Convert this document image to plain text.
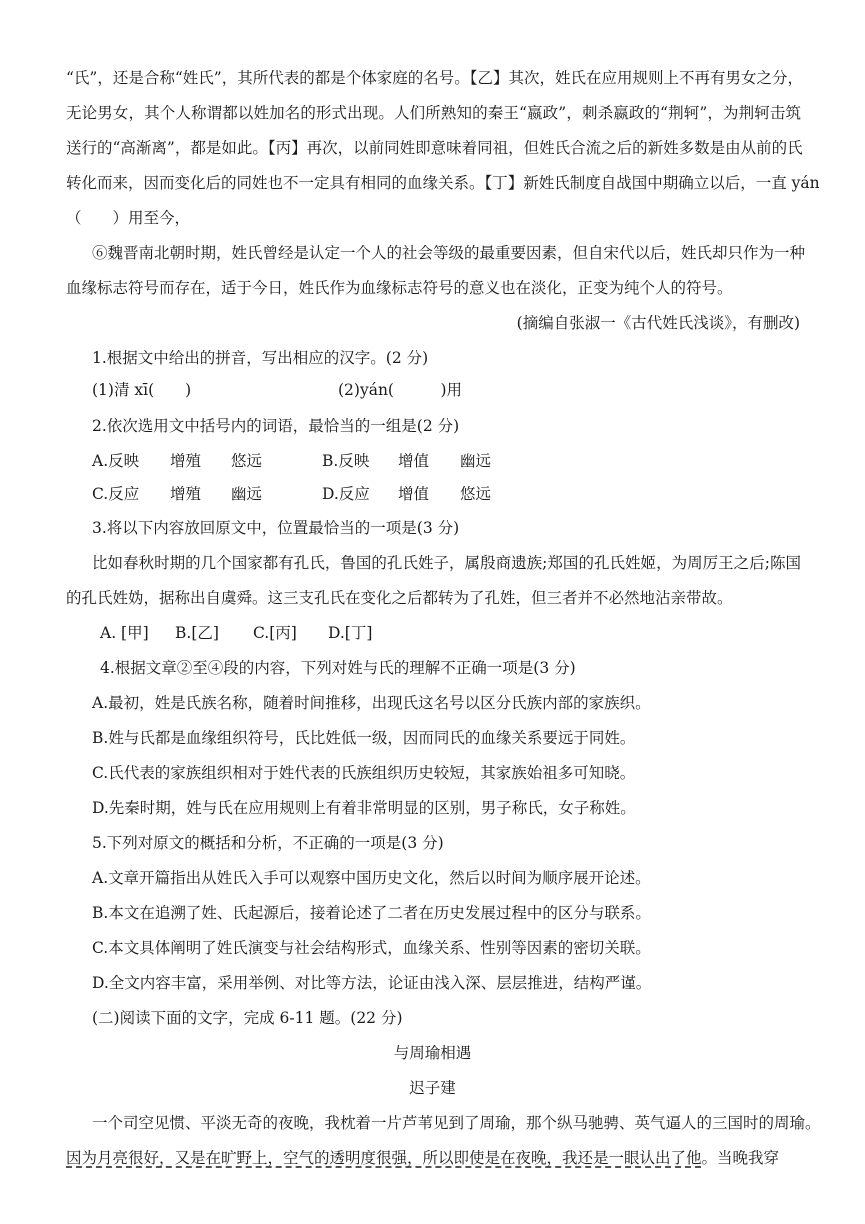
“氏”，还是合称“姓氏”，其所代表的都是个体家庭的名号。【乙】其次，姓氏在应用规则上不再有男女之分，
无论男女，其个人称谓都以姓加名的形式出现。人们所熟知的秦王“嬴政”，刺杀嬴政的“荆轲”，为荆轲击筑
送行的“高渐离”，都是如此。【丙】再次，以前同姓即意味着同祖，但姓氏合流之后的新姓多数是由从前的氏
转化而来，因而变化后的同姓也不一定具有相同的血缘关系。【丁】新姓氏制度自战国中期确立以后，一直 yán
（　　）用至今，
⑥魏晋南北朝时期，姓氏曾经是认定一个人的社会等级的最重要因素，但自宋代以后，姓氏却只作为一种
血缘标志符号而存在，适于今日，姓氏作为血缘标志符号的意义也在淡化，正变为纯个人的符号。
(摘编自张淑一《古代姓氏浅谈》，有删改)
1.根据文中给出的拼音，写出相应的汉字。(2 分)
(1)清 xī(　　)	(2)yán(　　　)用
2.依次选用文中括号内的词语，最恰当的一组是(2 分)
A.反映 增殖 悠远	B.反映 增值 幽远
C.反应 增殖 幽远	D.反应 增值 悠远
3.将以下内容放回原文中，位置最恰当的一项是(3 分)
比如春秋时期的几个国家都有孔氏，鲁国的孔氏姓子，属殷商遗族;郑国的孔氏姓姬，为周厉王之后;陈国
的孔氏姓妫，据称出自虞舜。这三支孔氏在变化之后都转为了孔姓，但三者并不必然地沾亲带故。
A. [甲] B.[乙] C.[丙] D.[丁]
4.根据文章②至④段的内容，下列对姓与氏的理解不正确一项是(3 分)
A.最初，姓是氏族名称，随着时间推移，出现氏这名号以区分氏族内部的家族织。
B.姓与氏都是血缘组织符号，氏比姓低一级，因而同氏的血缘关系要远于同姓。
C.氏代表的家族组织相对于姓代表的氏族组织历史较短，其家族始祖多可知晓。
D.先秦时期，姓与氏在应用规则上有着非常明显的区别，男子称氏，女子称姓。
5.下列对原文的概括和分析，不正确的一项是(3 分)
A.文章开篇指出从姓氏入手可以观察中国历史文化，然后以时间为顺序展开论述。
B.本文在追溯了姓、氏起源后，接着论述了二者在历史发展过程中的区分与联系。
C.本文具体阐明了姓氏演变与社会结构形式，血缘关系、性别等因素的密切关联。
D.全文内容丰富，采用举例、对比等方法，论证由浅入深、层层推进，结构严谨。
(二)阅读下面的文字，完成 6-11 题。(22 分)
与周瑜相遇
迟子建
一个司空见惯、平淡无奇的夜晚，我枕着一片芦苇见到了周瑜，那个纵马驰骋、英气逼人的三国时的周瑜。
因为月亮很好，又是在旷野上，空气的透明度很强，所以即使是在夜晚，我还是一眼认出了他。当晚我穿
